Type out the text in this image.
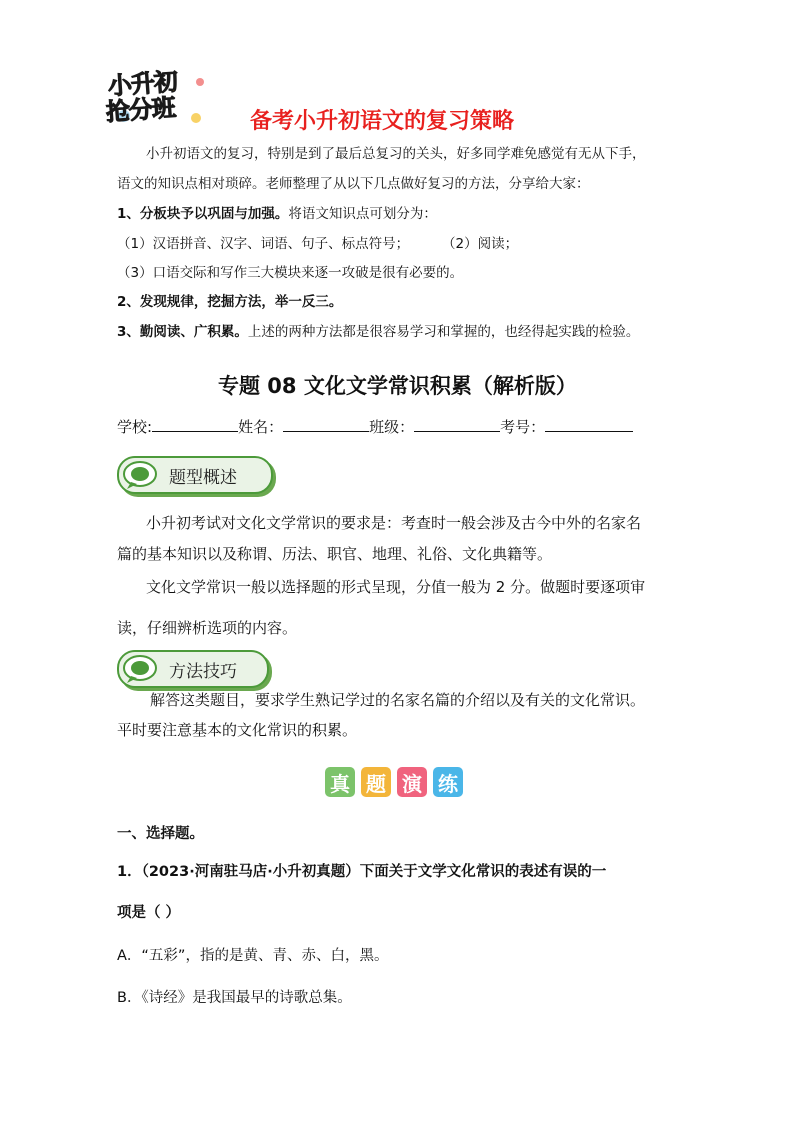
小升初
抢分班	备考小升初语文的复习策略
小升初语文的复习，特别是到了最后总复习的关头，好多同学难免感觉有无从下手，
语文的知识点相对琐碎。老师整理了从以下几点做好复习的方法，分享给大家：
1、分板块予以巩固与加强。将语文知识点可划分为：
（1）汉语拼音、汉字、词语、句子、标点符号； （2）阅读；
（3）口语交际和写作三大模块来逐一攻破是很有必要的。
2、发现规律，挖掘方法，举一反三。
3、勤阅读、广积累。上述的两种方法都是很容易学习和掌握的，也经得起实践的检验。
专题 08 文化文学常识积累（解析版）
学校:	姓名：	班级：	考号：
题型概述
小升初考试对文化文学常识的要求是：考查时一般会涉及古今中外的名家名
篇的基本知识以及称谓、历法、职官、地理、礼俗、文化典籍等。
文化文学常识一般以选择题的形式呈现，分值一般为 2 分。做题时要逐项审
读，仔细辨析选项的内容。
方法技巧
解答这类题目，要求学生熟记学过的名家名篇的介绍以及有关的文化常识。
平时要注意基本的文化常识的积累。
真 题 演 练
一、选择题。
1．（2023·河南驻马店·小升初真题）下面关于文学文化常识的表述有误的一
项是（ ）
A．“五彩”，指的是黄、青、赤、白，黑。
B．《诗经》是我国最早的诗歌总集。
